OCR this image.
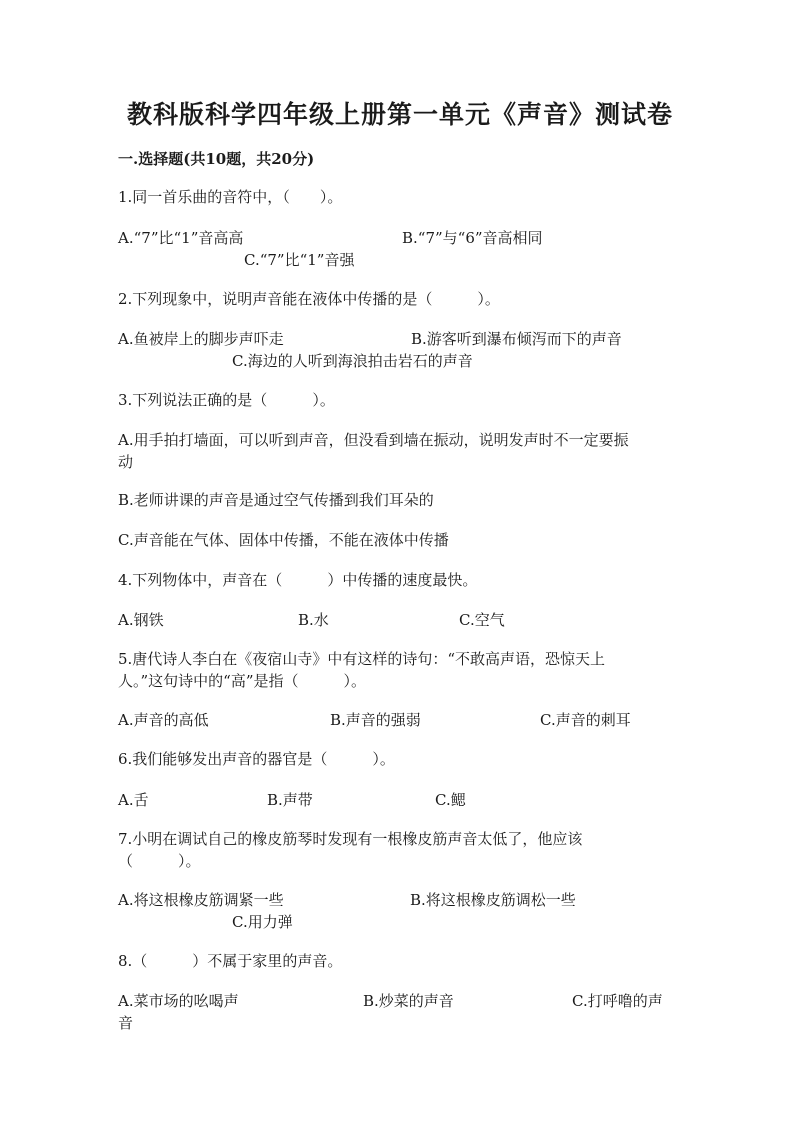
教科版科学四年级上册第一单元《声音》测试卷
一.选择题(共10题，共20分)
1.同一首乐曲的音符中，（　　）。
A.“7”比“1”音高高	B.“7”与“6”音高相同
C.“7”比“1”音强
2.下列现象中，说明声音能在液体中传播的是（　　　）。
A.鱼被岸上的脚步声吓走	B.游客听到瀑布倾泻而下的声音
C.海边的人听到海浪拍击岩石的声音
3.下列说法正确的是（　　　）。
A.用手拍打墙面，可以听到声音，但没看到墙在振动，说明发声时不一定要振
动
B.老师讲课的声音是通过空气传播到我们耳朵的
C.声音能在气体、固体中传播，不能在液体中传播
4.下列物体中，声音在（　　　）中传播的速度最快。
A.钢铁	B.水	C.空气
5.唐代诗人李白在《夜宿山寺》中有这样的诗句：“不敢高声语，恐惊天上
人。”这句诗中的“高”是指（　　　）。
A.声音的高低	B.声音的强弱	C.声音的刺耳
6.我们能够发出声音的器官是（　　　）。
A.舌	B.声带	C.鳃
7.小明在调试自己的橡皮筋琴时发现有一根橡皮筋声音太低了，他应该
（　　　）。
A.将这根橡皮筋调紧一些	B.将这根橡皮筋调松一些
C.用力弹
8.（　　　）不属于家里的声音。
A.菜市场的吆喝声	B.炒菜的声音	C.打呼噜的声
音
